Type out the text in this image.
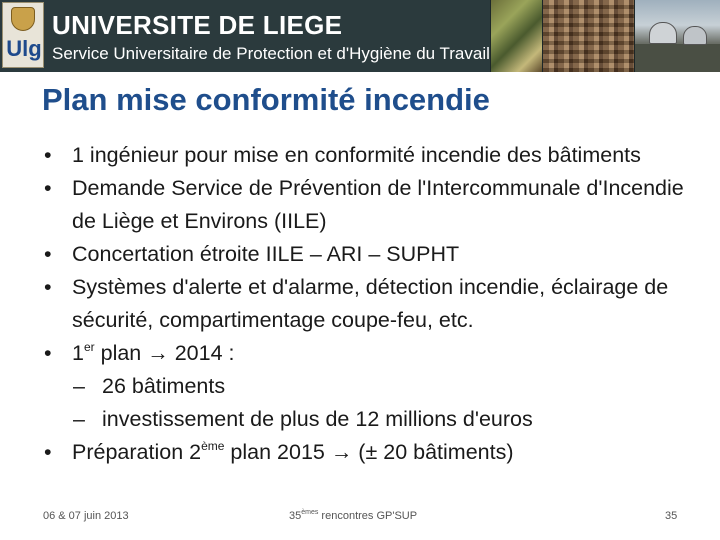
Ulg
UNIVERSITE DE LIEGE
Service Universitaire de Protection et d'Hygiène du Travail
Plan mise conformité incendie
• 1 ingénieur pour mise en conformité incendie des bâtiments
• Demande Service de Prévention de l'Intercommunale d'Incendie de Liège et Environs (IILE)
• Concertation étroite IILE – ARI – SUPHT
• Systèmes d'alerte et d'alarme, détection incendie, éclairage de sécurité, compartimentage coupe-feu, etc.
• 1er plan → 2014 :
– 26 bâtiments
– investissement de plus de 12 millions d'euros
• Préparation 2ème plan 2015 → (± 20 bâtiments)
06 & 07 juin 2013	35èmes rencontres GP'SUP	35
